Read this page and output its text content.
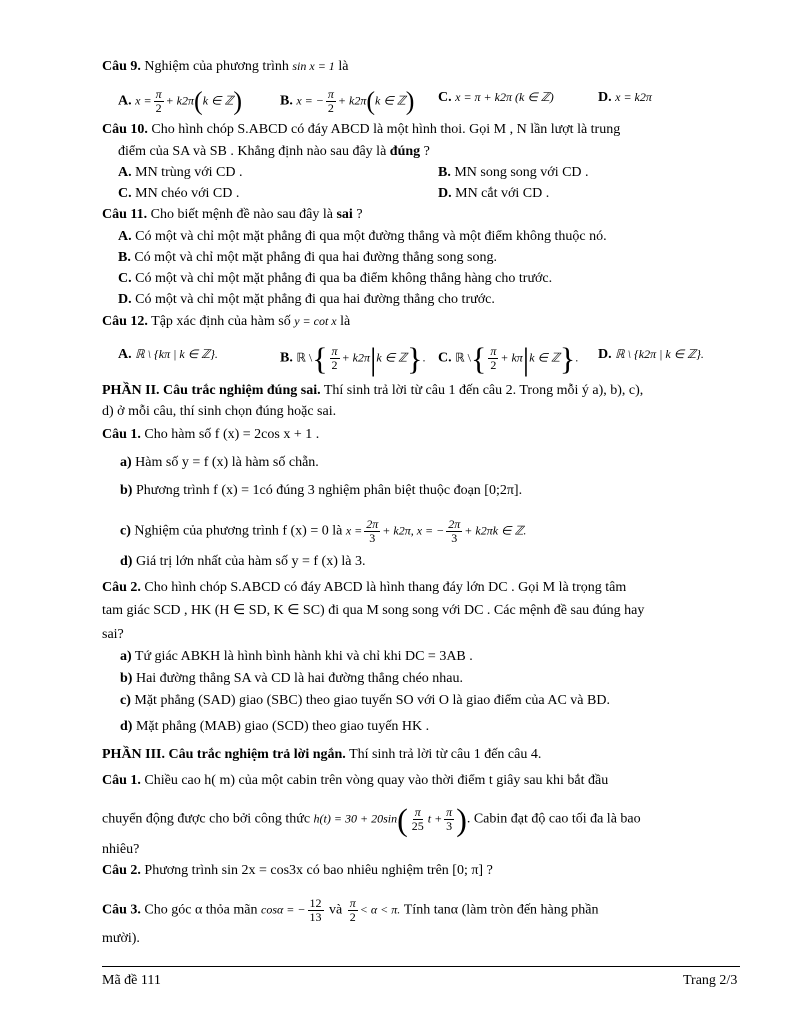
Câu 9. Nghiệm của phương trình sin x = 1 là
A. $x = \frac{\pi}{2} + k2\pi(k$ ∈ ℤ)	B. x = − $\frac{\pi}{2} + k2\pi(k$ ∈ ℤ) C. x = π + k2π (k ∈ ℤ)	D. x = k2π
Câu 10. Cho hình chóp S.ABCD có đáy ABCD là một hình thoi. Gọi M , N lần lượt là trung
điểm của SA và SB . Khẳng định nào sau đây là đúng ?
A. MN trùng với CD .	B. MN song song với CD .
C. MN chéo với CD .	D. MN cắt với CD .
Câu 11. Cho biết mệnh đề nào sau đây là sai ?
A. Có một và chỉ một mặt phẳng đi qua một đường thẳng và một điểm không thuộc nó.
B. Có một và chỉ một mặt phẳng đi qua hai đường thẳng song song.
C. Có một và chỉ một mặt phẳng đi qua ba điểm không thẳng hàng cho trước.
D. Có một và chỉ một mặt phẳng đi qua hai đường thẳng cho trước.
Câu 12. Tập xác định của hàm số y = cot x là
A. ℝ \ {kπ | k ∈ ℤ}.	B. ℝ \{ $\frac{\pi}{2} + k2\pi|k$ ∈ ℤ}. C. ℝ \{ $\frac{\pi}{2} + k\pi|k$ ∈ ℤ}. D. ℝ \ {k2π | k ∈ ℤ}.
PHẦN II. Câu trắc nghiệm đúng sai. Thí sinh trả lời từ câu 1 đến câu 2. Trong mỗi ý a), b), c),
d) ở mỗi câu, thí sinh chọn đúng hoặc sai.
Câu 1. Cho hàm số f (x) = 2cos x + 1 .
a) Hàm số y = f (x) là hàm số chẵn.
b) Phương trình f (x) = 1có đúng 3 nghiệm phân biệt thuộc đoạn [0;2π].
c) Nghiệm của phương trình f (x) = 0 là $x = \frac{2\pi}{3} + k2\pi$, x = − $\frac{2\pi}{3} + k2\pi k$ ∈ ℤ.
d) Giá trị lớn nhất của hàm số y = f (x) là 3.
Câu 2. Cho hình chóp S.ABCD có đáy ABCD là hình thang đáy lớn DC . Gọi M là trọng tâm
tam giác SCD , HK (H ∈ SD, K ∈ SC) đi qua M song song với DC . Các mệnh đề sau đúng hay
sai?
a) Tứ giác ABKH là hình bình hành khi và chỉ khi DC = 3AB .
b) Hai đường thẳng SA và CD là hai đường thẳng chéo nhau.
c) Mặt phẳng (SAD) giao (SBC) theo giao tuyến SO với O là giao điểm của AC và BD.
d) Mặt phẳng (MAB) giao (SCD) theo giao tuyến HK .
PHẦN III. Câu trắc nghiệm trả lời ngắn. Thí sinh trả lời từ câu 1 đến câu 4.
Câu 1. Chiều cao h( m) của một cabin trên vòng quay vào thời điểm t giây sau khi bắt đầu
chuyển động được cho bởi công thức $h(t) = 30 + 20\sin( \frac{\pi}{25}$ $t + \frac{\pi}{3}$ ). Cabin đạt độ cao tối đa là bao
nhiêu?
Câu 2. Phương trình sin 2x = cos3x có bao nhiêu nghiệm trên [0; π] ?
Câu 3. Cho góc α thỏa mãn cosα = − $\frac{12}{13}$ và $\frac{\pi}{2} < \alpha < \pi$. Tính tanα (làm tròn đến hàng phần
mười).
Mã đề 111	Trang 2/3
